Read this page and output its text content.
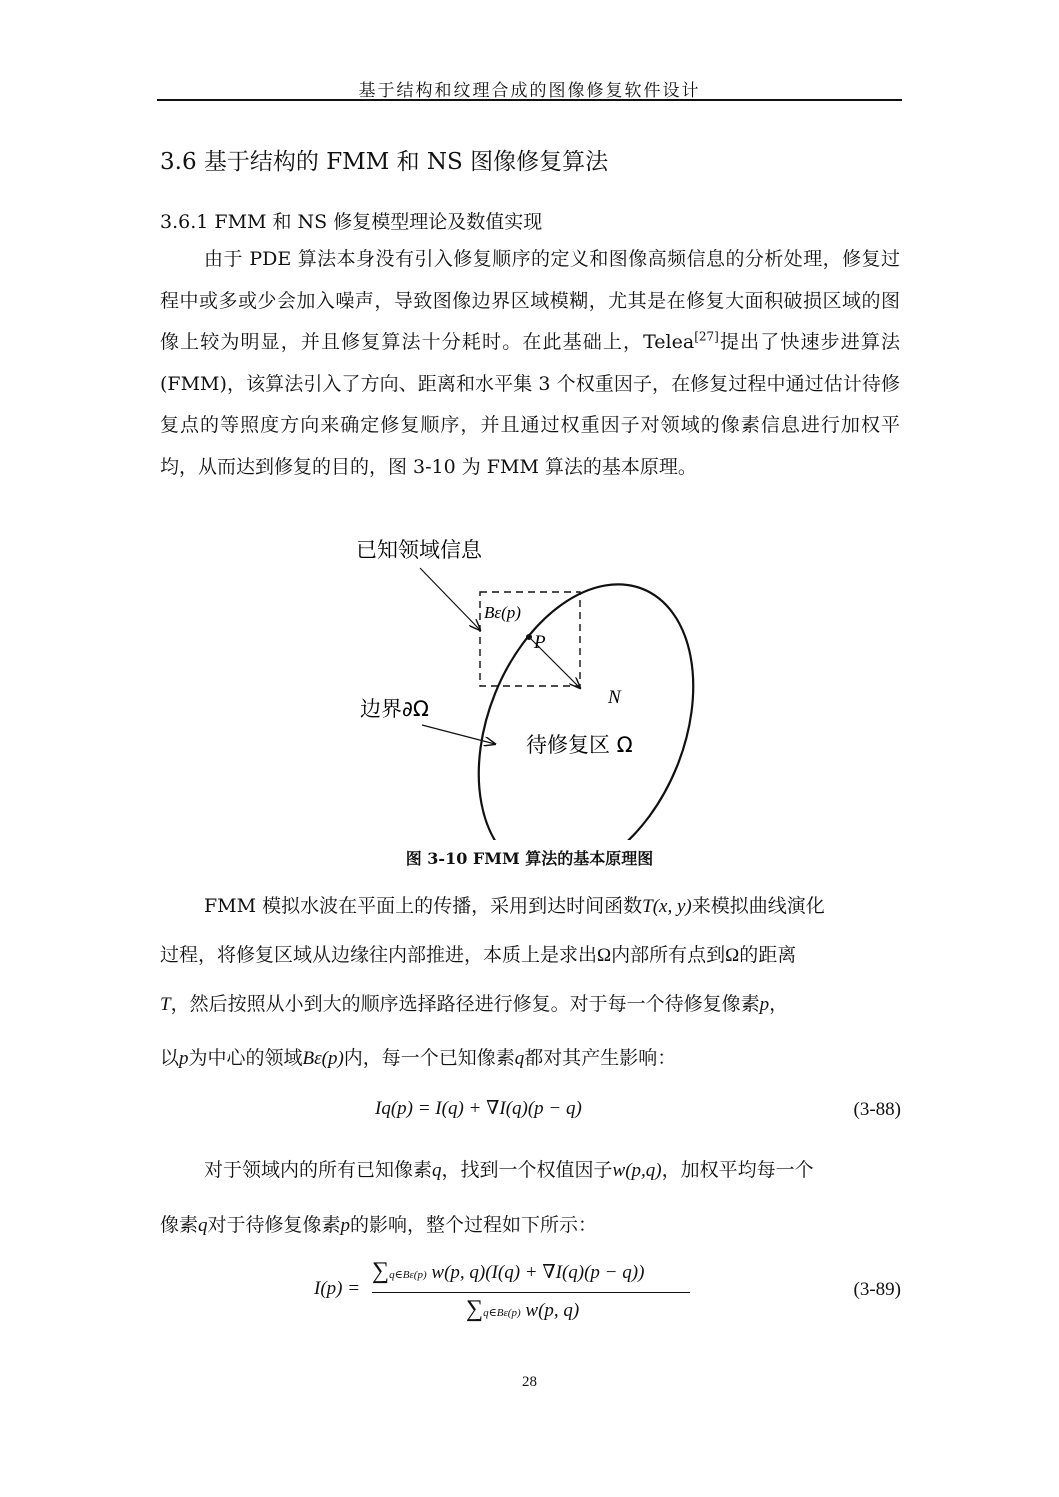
基于结构和纹理合成的图像修复软件设计
3.6 基于结构的 FMM 和 NS 图像修复算法
3.6.1 FMM 和 NS 修复模型理论及数值实现
由于 PDE 算法本身没有引入修复顺序的定义和图像高频信息的分析处理，修复过程中或多或少会加入噪声，导致图像边界区域模糊，尤其是在修复大面积破损区域的图像上较为明显，并且修复算法十分耗时。在此基础上，Telea[27]提出了快速步进算法(FMM)，该算法引入了方向、距离和水平集 3 个权重因子，在修复过程中通过估计待修复点的等照度方向来确定修复顺序，并且通过权重因子对领域的像素信息进行加权平均，从而达到修复的目的，图 3-10 为 FMM 算法的基本原理。
已知领域信息
Bε(p)
P
N
边界∂Ω
待修复区 Ω
图 3-10 FMM 算法的基本原理图
FMM 模拟水波在平面上的传播，采用到达时间函数T(x, y)来模拟曲线演化
过程，将修复区域从边缘往内部推进，本质上是求出Ω内部所有点到Ω的距离
T，然后按照从小到大的顺序选择路径进行修复。对于每一个待修复像素p，
以p为中心的领域Bε(p)内，每一个已知像素q都对其产生影响：
Iq(p) = I(q) + ∇I(q)(p − q)	(3-88)
对于领域内的所有已知像素q，找到一个权值因子w(p,q)，加权平均每一个
像素q对于待修复像素p的影响，整个过程如下所示：
I(p) =
∑q∈Bε(p) w(p, q)(I(q) + ∇I(q)(p − q))
∑q∈Bε(p) w(p, q)
(3-89)
28
